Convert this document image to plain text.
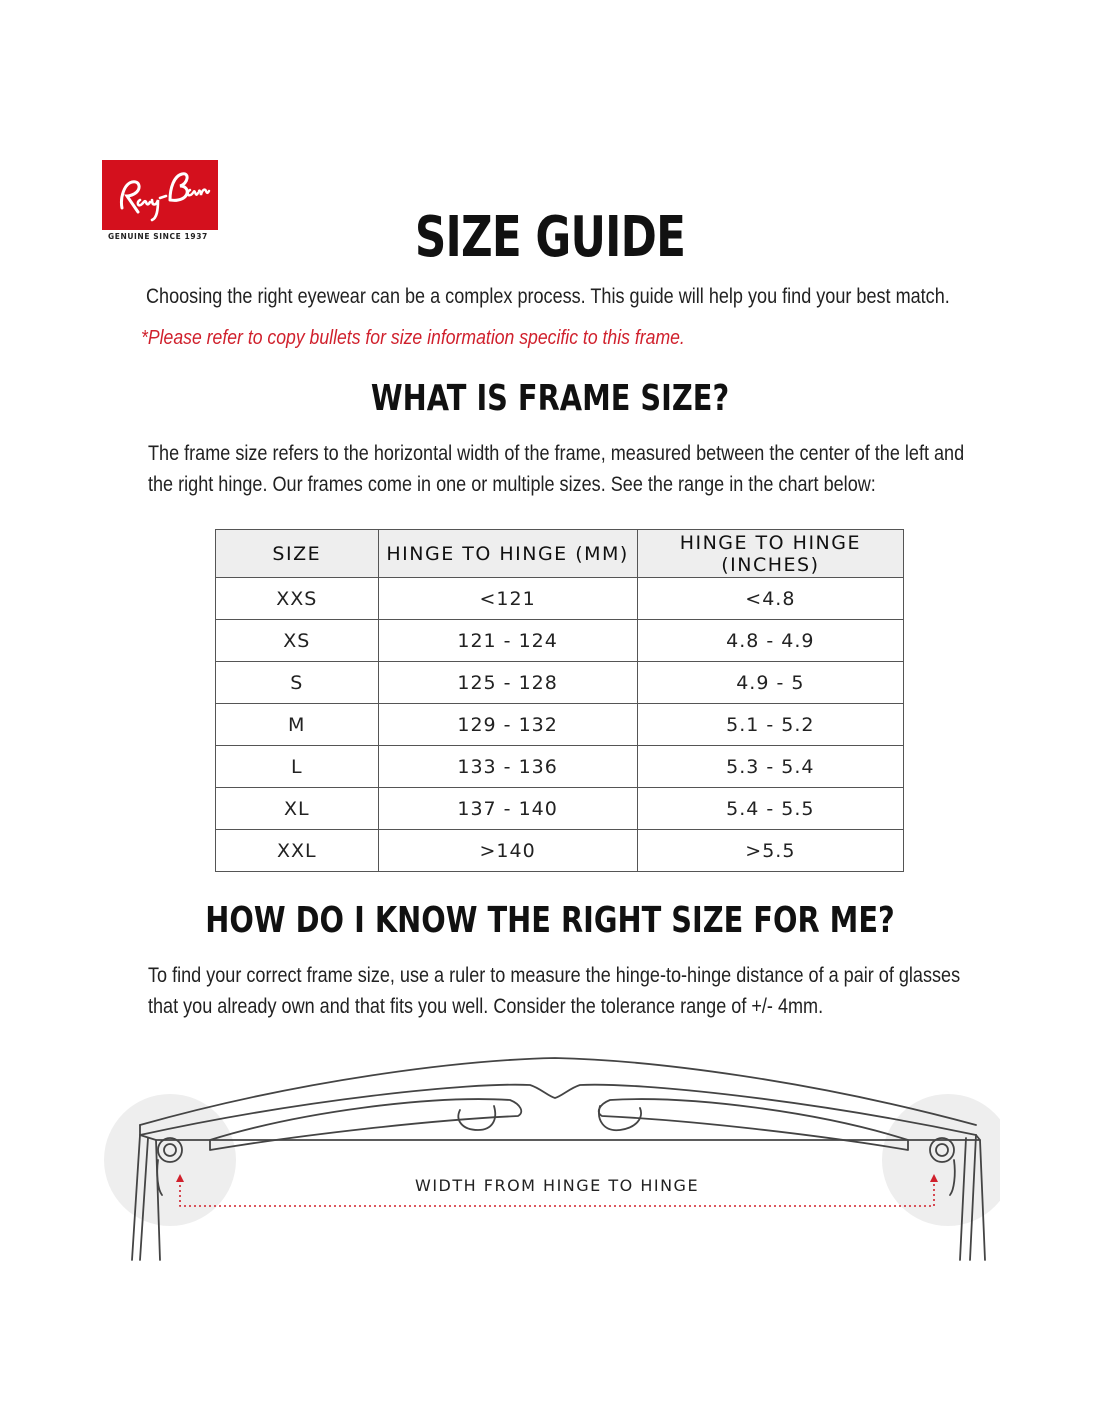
GENUINE SINCE 1937	SIZE GUIDE
Choosing the right eyewear can be a complex process. This guide will help you find your best match.
*Please refer to copy bullets for size information specific to this frame.
WHAT IS FRAME SIZE?

The frame size refers to the horizontal width of the frame, measured between the center of the left and the right hinge. Our frames come in one or multiple sizes. See the range in the chart below:

SIZE	HINGE TO HINGE (MM)	HINGE TO HINGE (INCHES)
XXS	<121	<4.8
XS	121 - 124	4.8 - 4.9
S	125 - 128	4.9 - 5
M	129 - 132	5.1 - 5.2
L	133 - 136	5.3 - 5.4
XL	137 - 140	5.4 - 5.5
XXL	>140	>5.5
HOW DO I KNOW THE RIGHT SIZE FOR ME?

To find your correct frame size, use a ruler to measure the hinge-to-hinge distance of a pair of glasses that you already own and that fits you well. Consider the tolerance range of +/- 4mm.

WIDTH FROM HINGE TO HINGE
